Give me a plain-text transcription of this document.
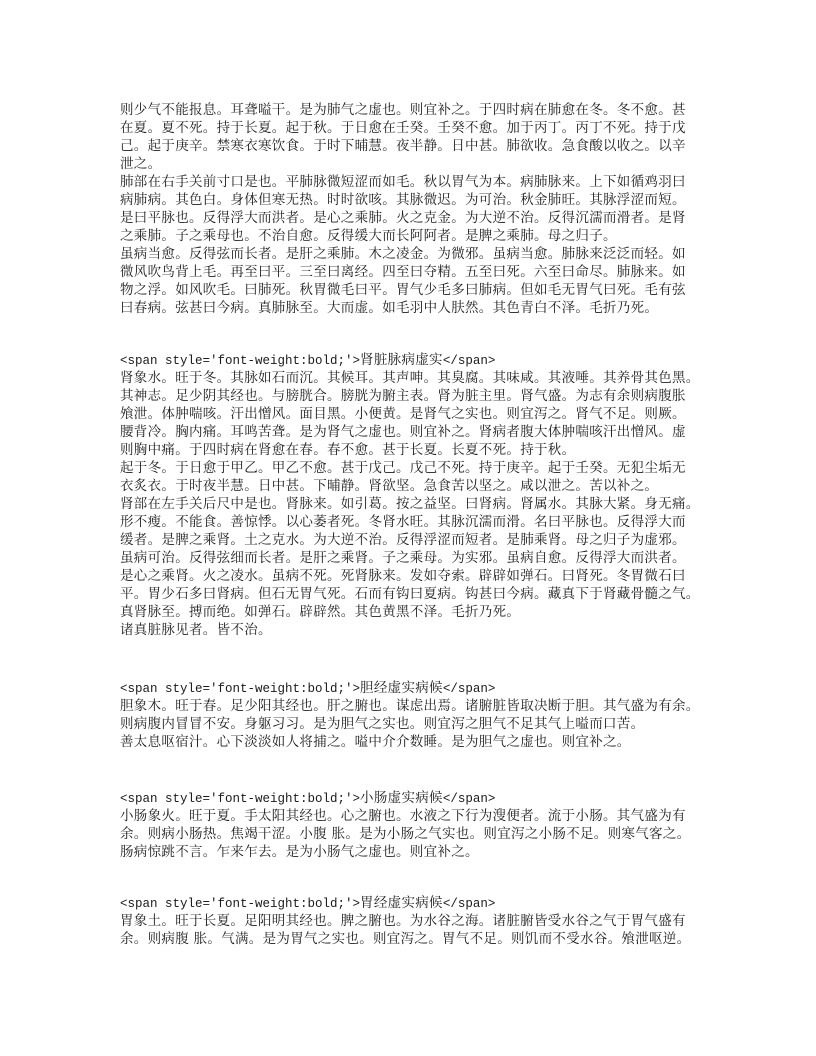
则少气不能报息。耳聋嗌干。是为肺气之虚也。则宜补之。于四时病在肺愈在冬。冬不愈。甚
在夏。夏不死。持于长夏。起于秋。于日愈在壬癸。壬癸不愈。加于丙丁。丙丁不死。持于戊
己。起于庚辛。禁寒衣寒饮食。于时下晡慧。夜半静。日中甚。肺欲收。急食酸以收之。以辛
泄之。
肺部在右手关前寸口是也。平肺脉微短涩而如毛。秋以胃气为本。病肺脉来。上下如循鸡羽曰
病肺病。其色白。身体但寒无热。时时欲咳。其脉微迟。为可治。秋金肺旺。其脉浮涩而短。
是曰平脉也。反得浮大而洪者。是心之乘肺。火之克金。为大逆不治。反得沉濡而滑者。是肾
之乘肺。子之乘母也。不治自愈。反得缓大而长阿阿者。是脾之乘肺。母之归子。
虽病当愈。反得弦而长者。是肝之乘肺。木之凌金。为微邪。虽病当愈。肺脉来泛泛而轻。如
微风吹鸟背上毛。再至曰平。三至曰离经。四至曰夺精。五至曰死。六至曰命尽。肺脉来。如
物之浮。如风吹毛。曰肺死。秋胃微毛曰平。胃气少毛多曰肺病。但如毛无胃气曰死。毛有弦
曰春病。弦甚曰今病。真肺脉至。大而虚。如毛羽中人肤然。其色青白不泽。毛折乃死。
<span style='font-weight:bold;'>肾脏脉病虚实</span>
肾象水。旺于冬。其脉如石而沉。其候耳。其声呻。其臭腐。其味咸。其液唾。其养骨其色黑。
其神志。足少阴其经也。与膀胱合。膀胱为腑主表。肾为脏主里。肾气盛。为志有余则病腹胀
飧泄。体肿喘咳。汗出憎风。面目黑。小便黄。是肾气之实也。则宜泻之。肾气不足。则厥。
腰背冷。胸内痛。耳鸣苦聋。是为肾气之虚也。则宜补之。肾病者腹大体肿喘咳汗出憎风。虚
则胸中痛。于四时病在肾愈在春。春不愈。甚于长夏。长夏不死。持于秋。
起于冬。于日愈于甲乙。甲乙不愈。甚于戊己。戊己不死。持于庚辛。起于壬癸。无犯尘垢无
衣炙衣。于时夜半慧。日中甚。下晡静。肾欲坚。急食苦以坚之。咸以泄之。苦以补之。
肾部在左手关后尺中是也。肾脉来。如引葛。按之益坚。曰肾病。肾属水。其脉大紧。身无痛。
形不瘦。不能食。善惊悸。以心萎者死。冬肾水旺。其脉沉濡而滑。名曰平脉也。反得浮大而
缓者。是脾之乘肾。土之克水。为大逆不治。反得浮涩而短者。是肺乘肾。母之归子为虚邪。
虽病可治。反得弦细而长者。是肝之乘肾。子之乘母。为实邪。虽病自愈。反得浮大而洪者。
是心之乘肾。火之凌水。虽病不死。死肾脉来。发如夺索。辟辟如弹石。曰肾死。冬胃微石曰
平。胃少石多曰肾病。但石无胃气死。石而有钩曰夏病。钩甚曰今病。藏真下于肾藏骨髓之气。
真肾脉至。搏而绝。如弹石。辟辟然。其色黄黑不泽。毛折乃死。
诸真脏脉见者。皆不治。
<span style='font-weight:bold;'>胆经虚实病候</span>
胆象木。旺于春。足少阳其经也。肝之腑也。谋虑出焉。诸腑脏皆取决断于胆。其气盛为有余。
则病腹内冒冒不安。身躯习习。是为胆气之实也。则宜泻之胆气不足其气上嗌而口苦。
善太息呕宿汁。心下淡淡如人将捕之。嗌中介介数睡。是为胆气之虚也。则宜补之。
<span style='font-weight:bold;'>小肠虚实病候</span>
小肠象火。旺于夏。手太阳其经也。心之腑也。水液之下行为溲便者。流于小肠。其气盛为有
余。则病小肠热。焦竭干涩。小腹 胀。是为小肠之气实也。则宜泻之小肠不足。则寒气客之。
肠病惊跳不言。乍来乍去。是为小肠气之虚也。则宜补之。
<span style='font-weight:bold;'>胃经虚实病候</span>
胃象土。旺于长夏。足阳明其经也。脾之腑也。为水谷之海。诸脏腑皆受水谷之气于胃气盛有
余。则病腹 胀。气满。是为胃气之实也。则宜泻之。胃气不足。则饥而不受水谷。飧泄呕逆。
